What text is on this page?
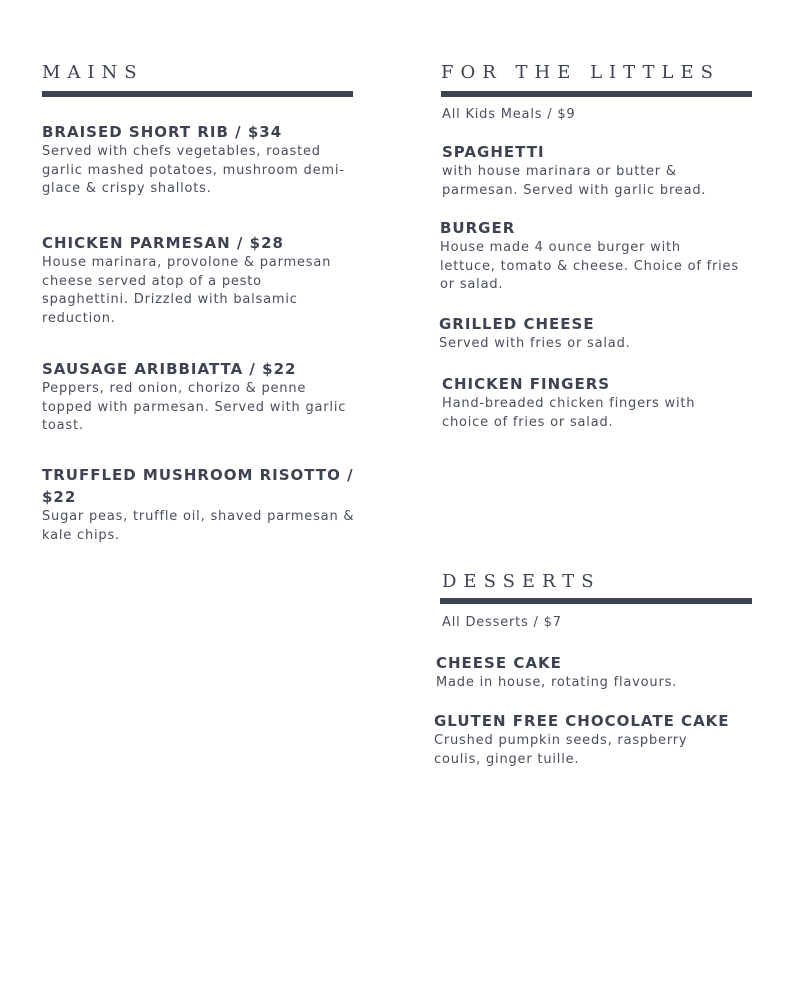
MAINS
BRAISED SHORT RIB / $34
Served with chefs vegetables, roasted garlic mashed potatoes, mushroom demi-glace & crispy shallots.
CHICKEN PARMESAN / $28
House marinara, provolone & parmesan cheese served atop of a pesto spaghettini. Drizzled with balsamic reduction.
SAUSAGE ARIBBIATTA / $22
Peppers, red onion, chorizo & penne topped with parmesan. Served with garlic toast.
TRUFFLED MUSHROOM RISOTTO / $22
Sugar peas, truffle oil, shaved parmesan & kale chips.
FOR THE LITTLES
All Kids Meals / $9
SPAGHETTI
with house marinara or butter & parmesan. Served with garlic bread.
BURGER
House made 4 ounce burger with lettuce, tomato & cheese. Choice of fries or salad.
GRILLED CHEESE
Served with fries or salad.
CHICKEN FINGERS
Hand-breaded chicken fingers with choice of fries or salad.
DESSERTS
All Desserts / $7
CHEESE CAKE
Made in house, rotating flavours.
GLUTEN FREE CHOCOLATE CAKE
Crushed pumpkin seeds, raspberry coulis, ginger tuille.
